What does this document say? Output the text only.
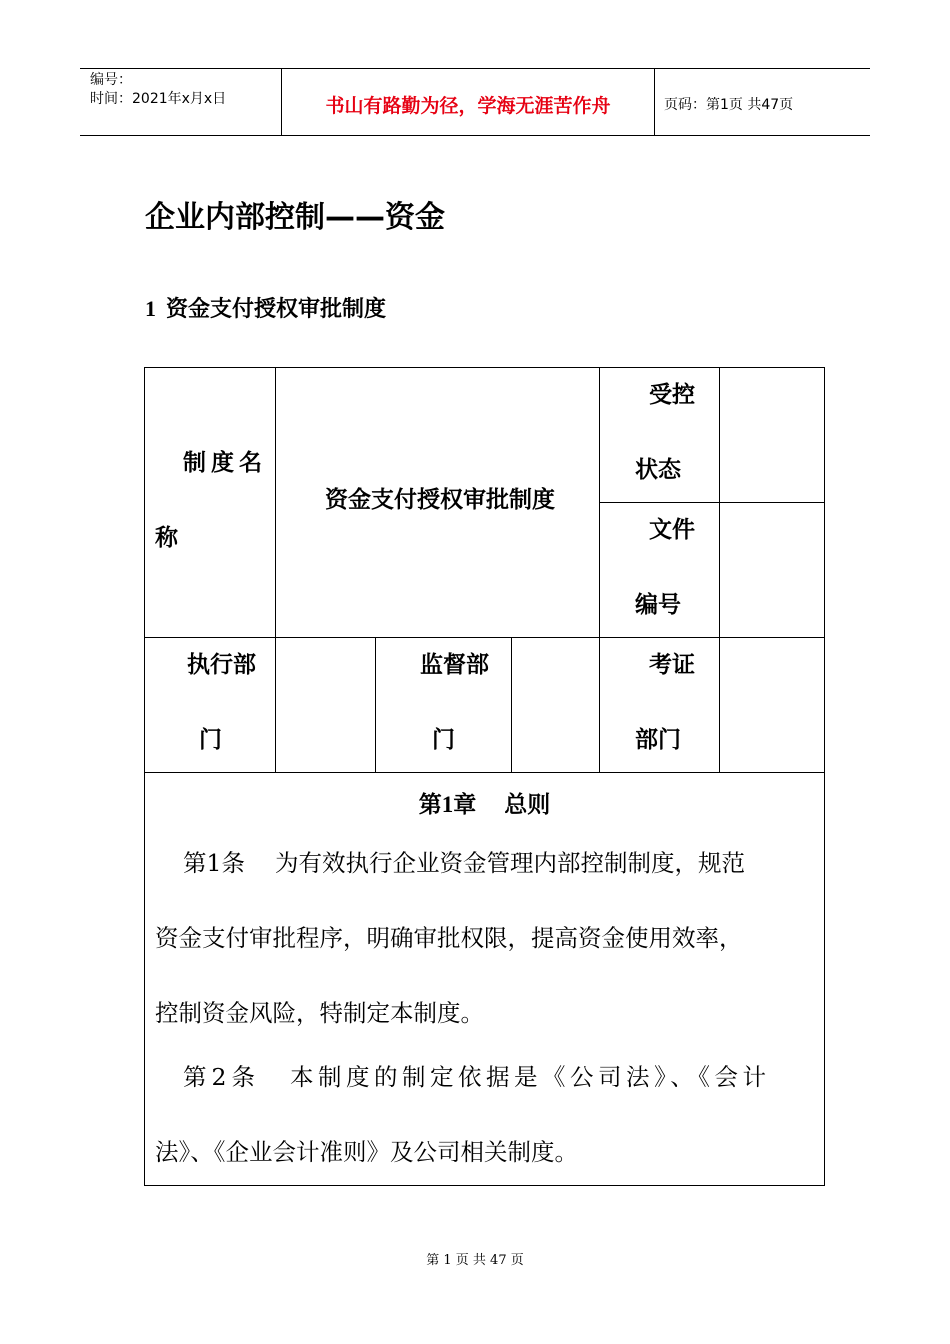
编号：
时间：2021年x月x日	书山有路勤为径，学海无涯苦作舟	页码：第1页 共47页
企业内部控制——资金
1 资金支付授权审批制度
制度名
称
资金支付授权审批制度
受控
状态
文件
编号
执行部
门
监督部
门
考证
部门
第1章 总则
第1条 为有效执行企业资金管理内部控制制度，规范
资金支付审批程序，明确审批权限，提高资金使用效率，
控制资金风险，特制定本制度。
第2条 本制度的制定依据是《公司法》、《会计
法》、《企业会计准则》及公司相关制度。
第 1 页 共 47 页
